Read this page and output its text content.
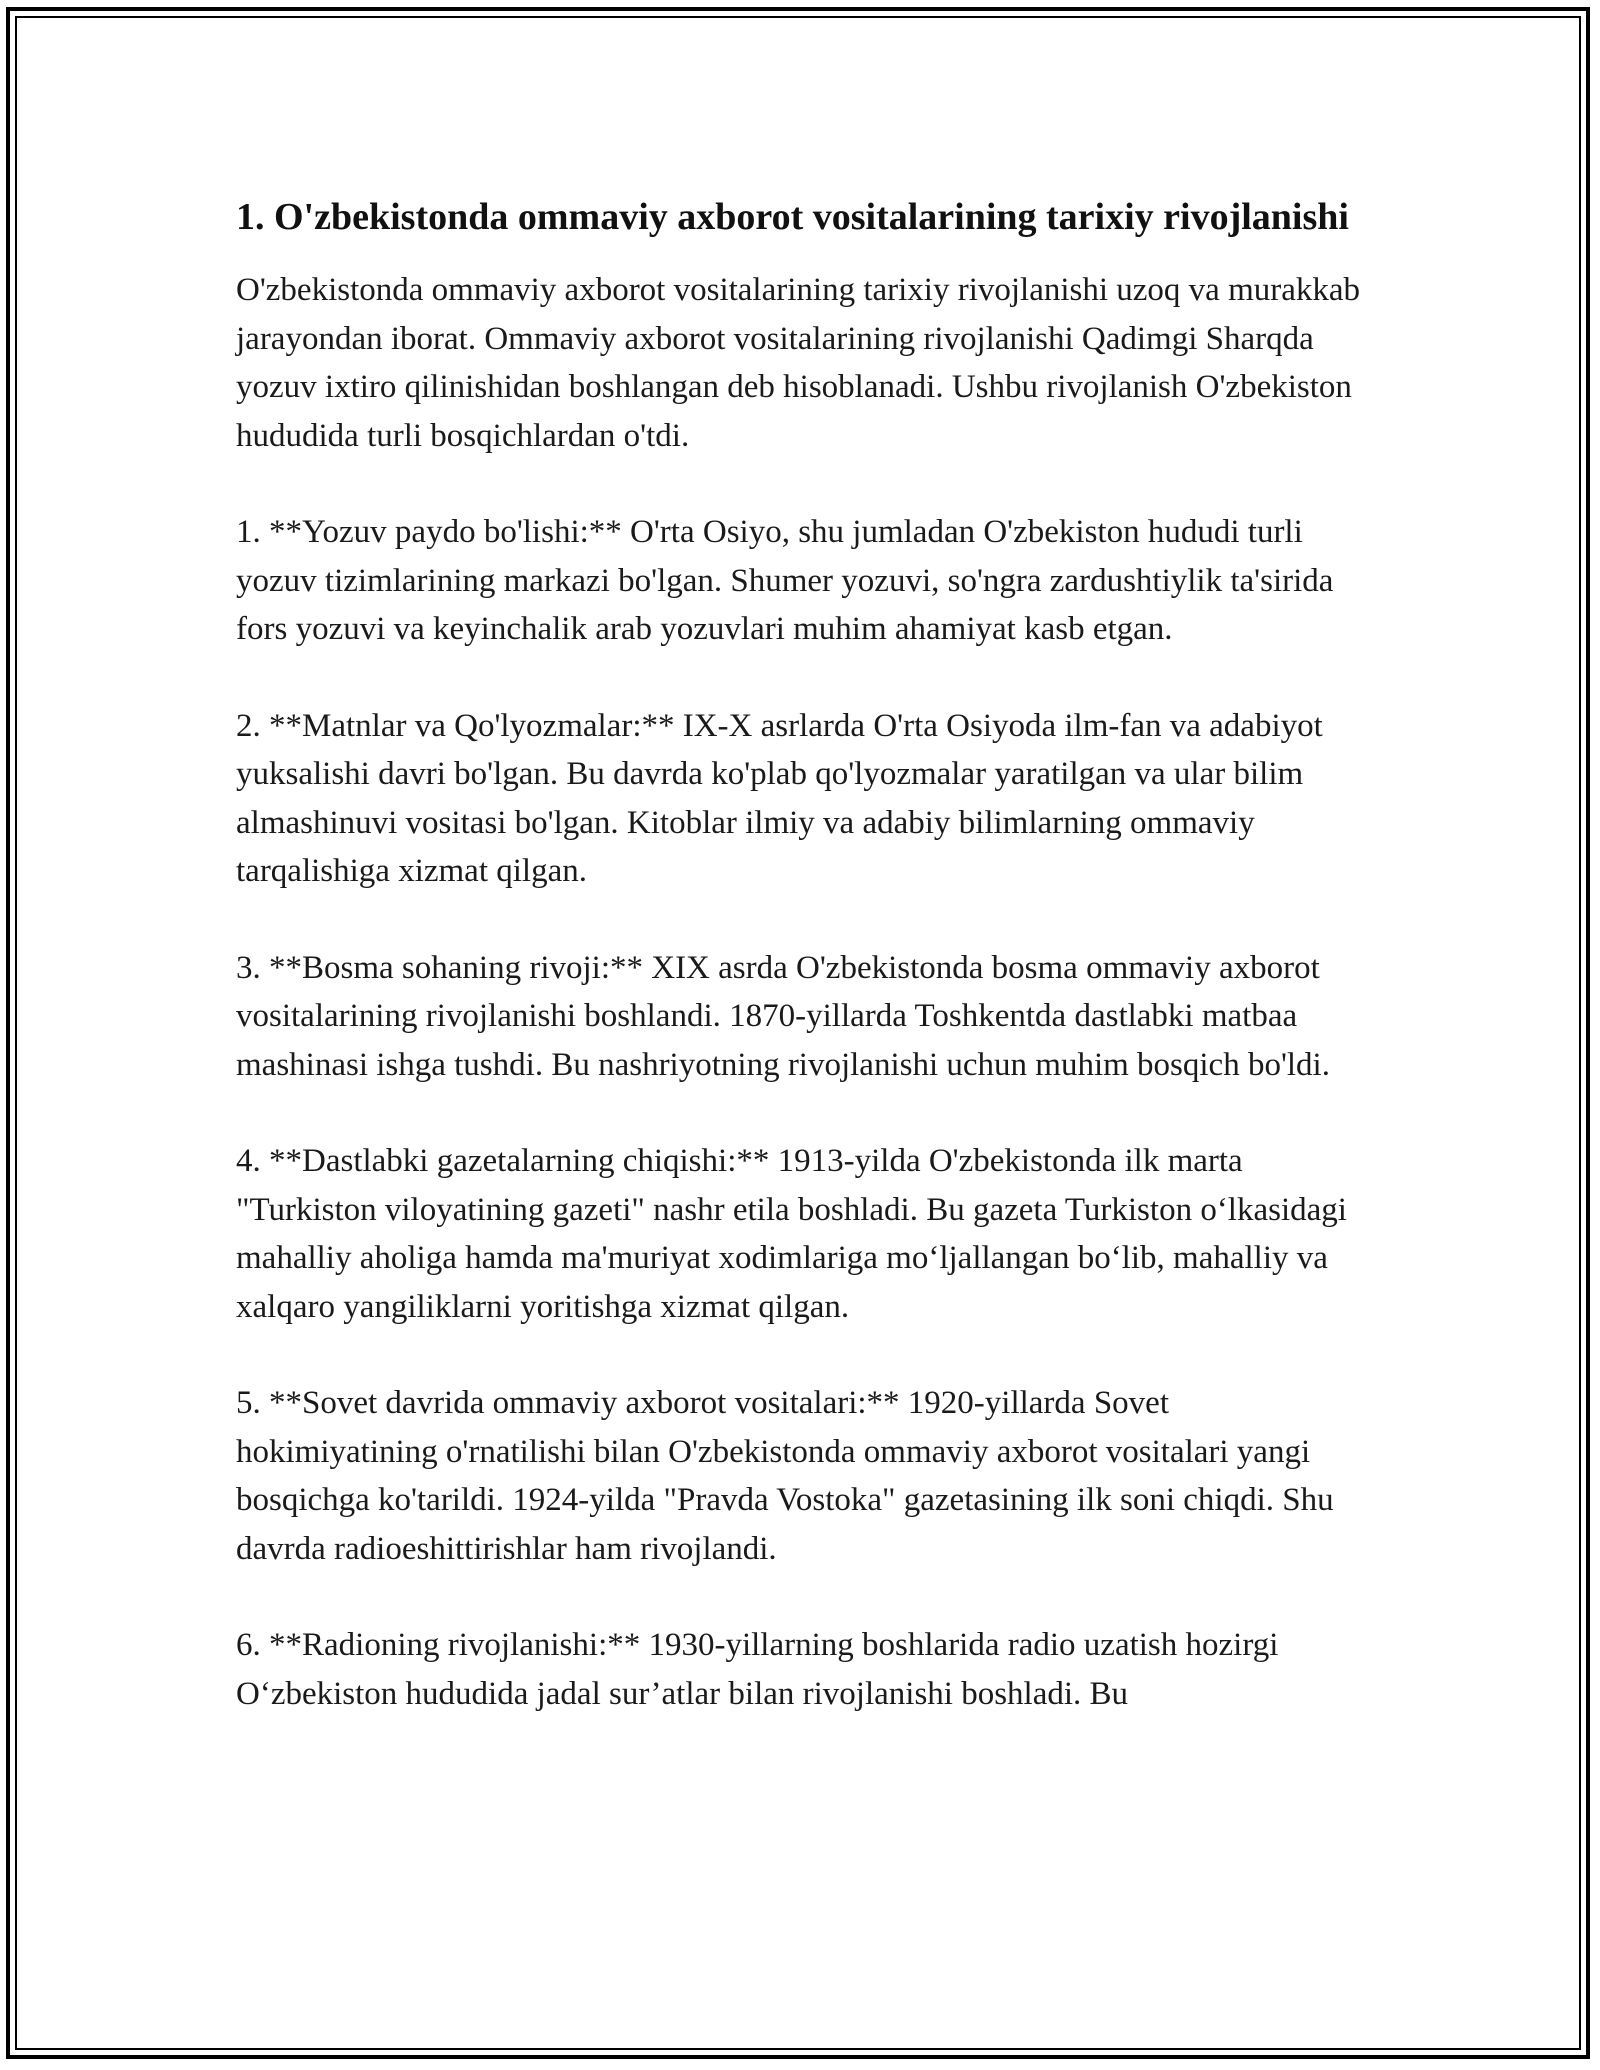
1. O'zbekistonda ommaviy axborot vositalarining tarixiy rivojlanishi

O'zbekistonda ommaviy axborot vositalarining tarixiy rivojlanishi uzoq va murakkab jarayondan iborat. Ommaviy axborot vositalarining rivojlanishi Qadimgi Sharqda yozuv ixtiro qilinishidan boshlangan deb hisoblanadi. Ushbu rivojlanish O'zbekiston hududida turli bosqichlardan o'tdi.

1. **Yozuv paydo bo'lishi:** O'rta Osiyo, shu jumladan O'zbekiston hududi turli yozuv tizimlarining markazi bo'lgan. Shumer yozuvi, so'ngra zardushtiylik ta'sirida fors yozuvi va keyinchalik arab yozuvlari muhim ahamiyat kasb etgan.

2. **Matnlar va Qo'lyozmalar:** IX-X asrlarda O'rta Osiyoda ilm-fan va adabiyot yuksalishi davri bo'lgan. Bu davrda ko'plab qo'lyozmalar yaratilgan va ular bilim almashinuvi vositasi bo'lgan. Kitoblar ilmiy va adabiy bilimlarning ommaviy tarqalishiga xizmat qilgan.

3. **Bosma sohaning rivoji:** XIX asrda O'zbekistonda bosma ommaviy axborot vositalarining rivojlanishi boshlandi. 1870-yillarda Toshkentda dastlabki matbaa mashinasi ishga tushdi. Bu nashriyotning rivojlanishi uchun muhim bosqich bo'ldi.

4. **Dastlabki gazetalarning chiqishi:** 1913-yilda O'zbekistonda ilk marta "Turkiston viloyatining gazeti" nashr etila boshladi. Bu gazeta Turkiston o‘lkasidagi mahalliy aholiga hamda ma'muriyat xodimlariga mo‘ljallangan bo‘lib, mahalliy va xalqaro yangiliklarni yoritishga xizmat qilgan.

5. **Sovet davrida ommaviy axborot vositalari:** 1920-yillarda Sovet hokimiyatining o'rnatilishi bilan O'zbekistonda ommaviy axborot vositalari yangi bosqichga ko'tarildi. 1924-yilda "Pravda Vostoka" gazetasining ilk soni chiqdi. Shu davrda radioeshittirishlar ham rivojlandi.

6. **Radioning rivojlanishi:** 1930-yillarning boshlarida radio uzatish hozirgi O‘zbekiston hududida jadal sur’atlar bilan rivojlanishi boshladi. Bu
